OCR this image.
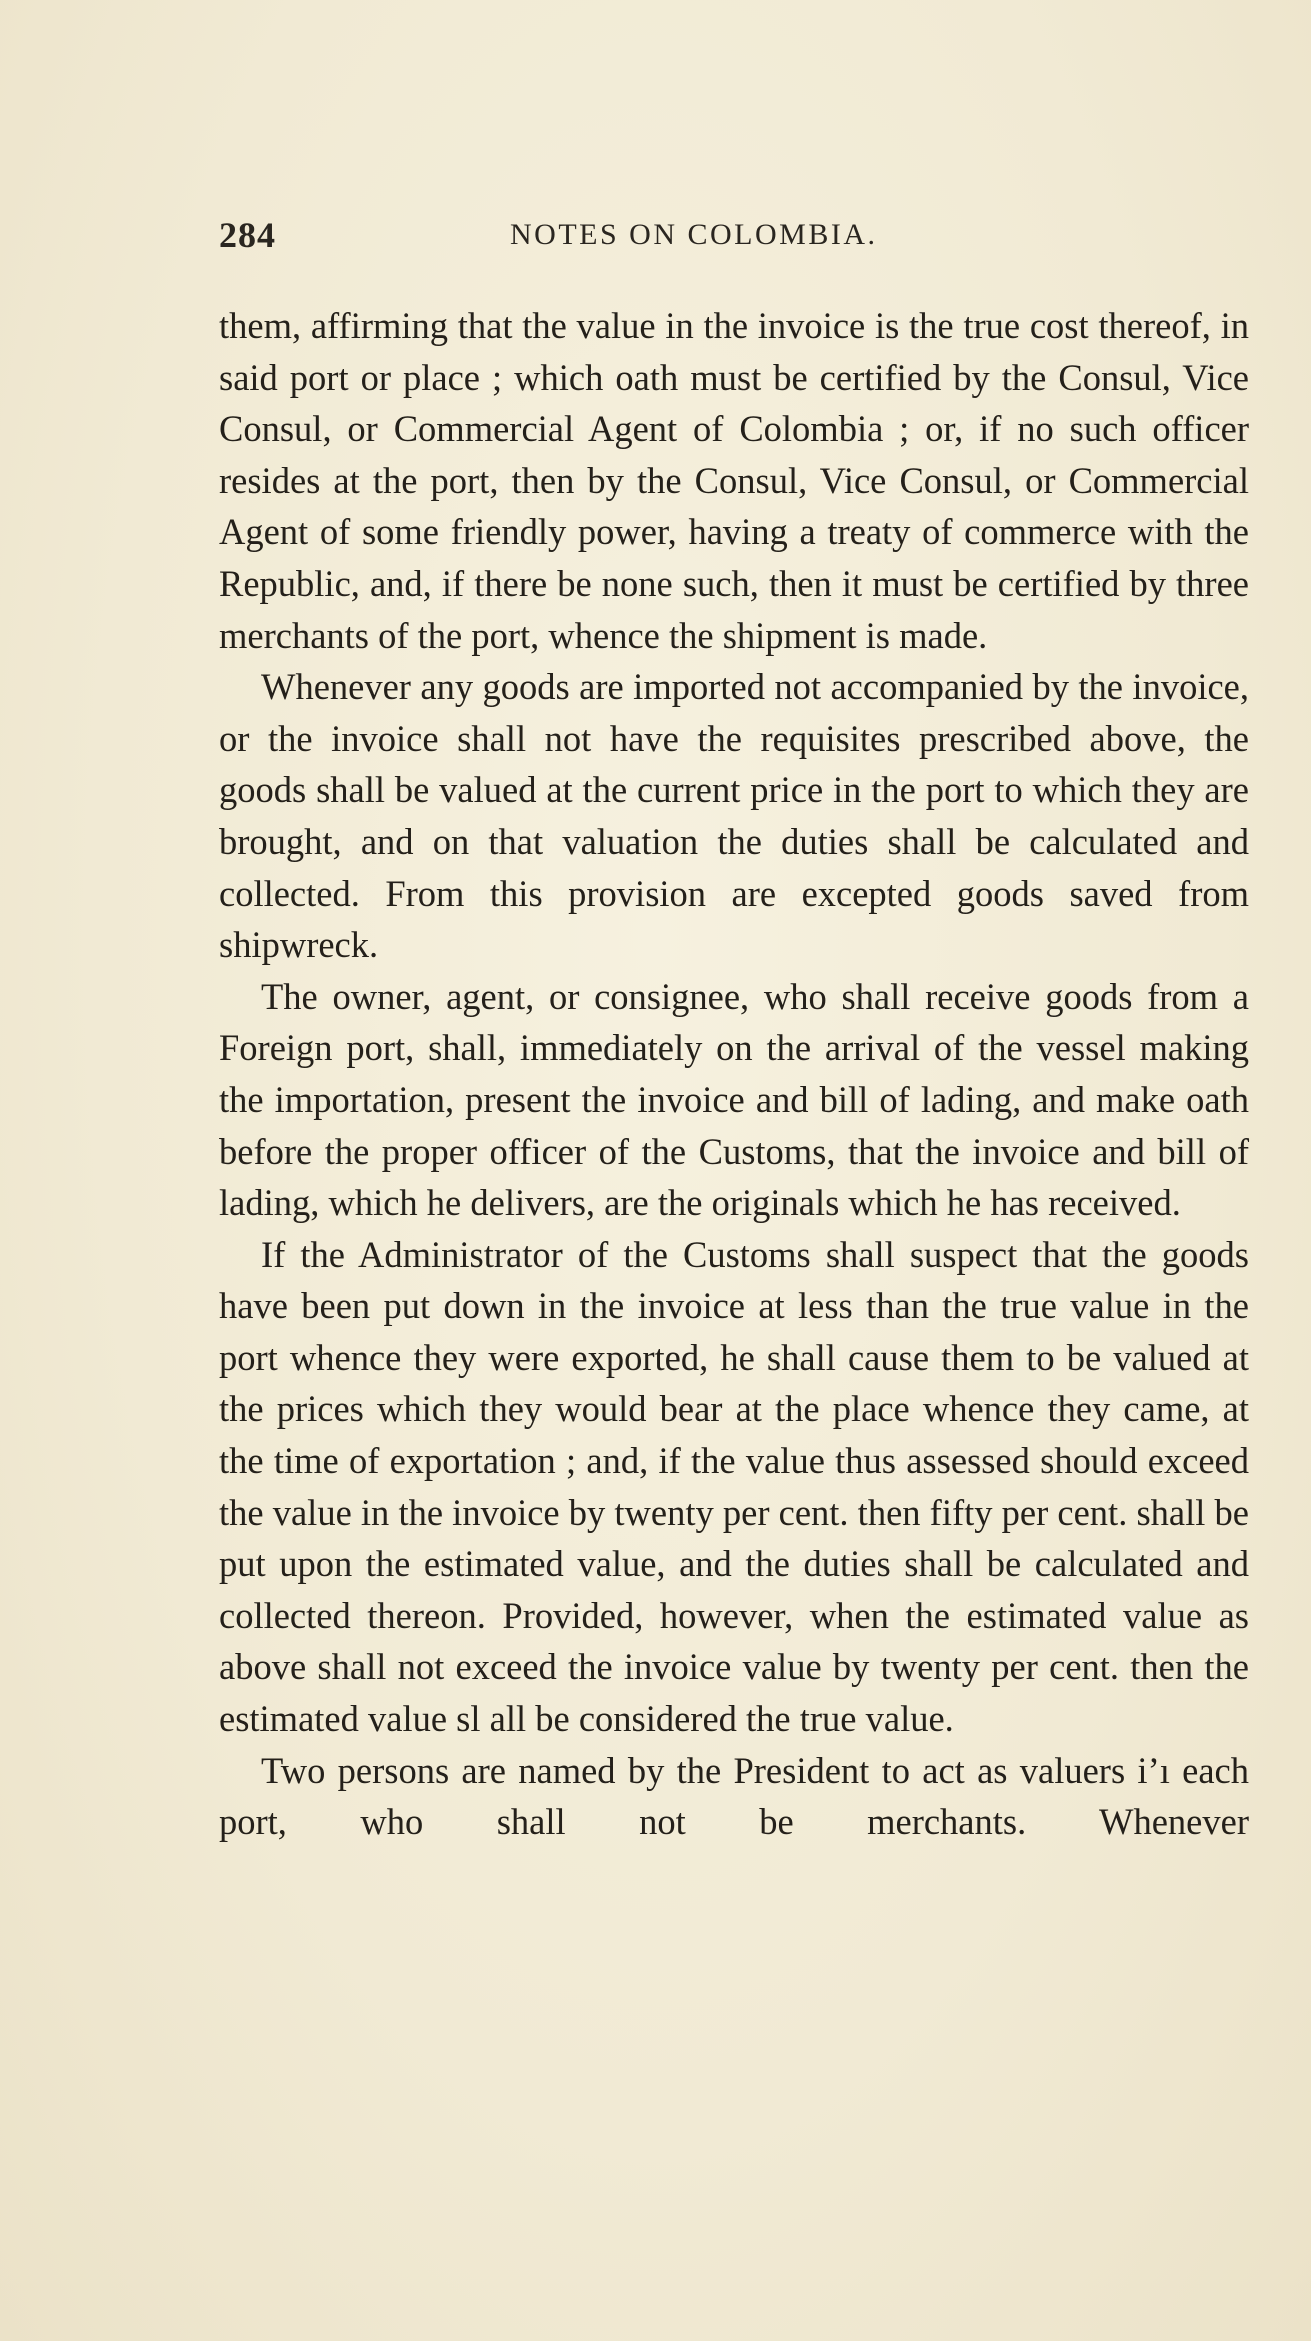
284	NOTES ON COLOMBIA.

them, affirming that the value in the invoice is the true cost thereof, in said port or place ; which oath must be certified by the Consul, Vice Consul, or Commercial Agent of Colombia ; or, if no such officer resides at the port, then by the Consul, Vice Consul, or Commercial Agent of some friendly power, having a treaty of commerce with the Republic, and, if there be none such, then it must be certified by three merchants of the port, whence the shipment is made.

Whenever any goods are imported not accompanied by the invoice, or the invoice shall not have the requisites prescribed above, the goods shall be valued at the current price in the port to which they are brought, and on that valuation the duties shall be calculated and collected. From this provision are excepted goods saved from shipwreck.

The owner, agent, or consignee, who shall receive goods from a Foreign port, shall, immediately on the arrival of the vessel making the importation, present the invoice and bill of lading, and make oath before the proper officer of the Customs, that the invoice and bill of lading, which he delivers, are the originals which he has received.

If the Administrator of the Customs shall suspect that the goods have been put down in the invoice at less than the true value in the port whence they were exported, he shall cause them to be valued at the prices which they would bear at the place whence they came, at the time of exportation ; and, if the value thus assessed should exceed the value in the invoice by twenty per cent. then fifty per cent. shall be put upon the estimated value, and the duties shall be calculated and collected thereon. Provided, however, when the estimated value as above shall not exceed the invoice value by twenty per cent. then the estimated value sl all be considered the true value.

Two persons are named by the President to act as valuers i’ı each port, who shall not be merchants. Whenever
